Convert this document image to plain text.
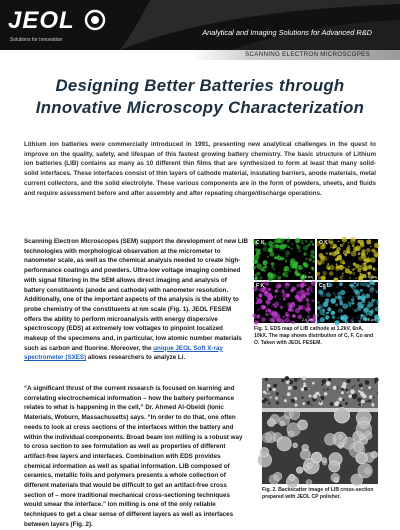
JEOL
Solutions for Innovation
Analytical and Imaging Solutions for Advanced R&D
SCANNING ELECTRON MICROSCOPES
Designing Better Batteries through
Innovative Microscopy Characterization

Lithium ion batteries were commercially introduced in 1991, presenting new analytical challenges in the quest to improve on the quality, safety, and lifespan of this fastest growing battery chemistry. The basic structure of Lithium ion batteries (LIB) contains as many as 10 different thin films that are synthesized to form at least that many solid-solid interfaces. These interfaces consist of thin layers of cathode material, insulating barriers, anode materials, metal current collectors, and the solid electrolyte. These various components are in the form of powders, sheets, and fluids and require assessment before and after assembly and after repeating charge/discharge operations.

Scanning Electron Microscopes (SEM) support the development of new LIB technologies with morphological observation at the micrometer to nanometer scale, as well as the chemical analysis needed to create high-performance coatings and powders. Ultra-low voltage imaging combined with signal filtering in the SEM allows direct imaging and analysis of battery constituents (anode and cathode) with nanometer resolution. Additionally, one of the important aspects of the analysis is the ability to probe chemistry of the constituents at nm scale (Fig. 1). JEOL FESEM offers the ability to perform microanalysis with energy dispersive spectroscopy (EDS) at extremely low voltages to pinpoint localized makeup of the specimens and, in particular, low atomic number materials such as carbon and fluorine. Moreover, the unique JEOL Soft X-ray spectrometer (SXES) allows researchers to analyze Li.

C K
2.5 µm
O K
2.5 µm
F K
2.5 µm
Co L
2.5 µm

Fig. 1. EDS map of LIB cathode at 1.2kV, 6nA, 10kX. The map shows distribution of C, F, Co and O. Taken with JEOL FESEM.

“A significant thrust of the current research is focused on learning and correlating electrochemical information – how the battery performance relates to what is happening in the cell,” Dr. Ahmed Al-Obeidi (Ionic Materials, Woburn, Massachusetts) says. “In order to do that, one often needs to look at cross sections of the interfaces within the battery and within the individual components. Broad beam ion milling is a robust way to cross section to see formulation as well as properties of different artifact-free layers and interfaces. Combination with EDS provides chemical information as well as spatial information. LIB composed of ceramics, metallic foils and polymers presents a whole collection of different materials that would be difficult to get an artifact-free cross section of – more traditional mechanical cross-sectioning techniques would smear the interface.” Ion milling is one of the only reliable techniques to get a clear sense of different layers as well as interfaces between layers (Fig. 2).

Fig. 2. Backscatter image of LIB cross-section prepared with JEOL CP polisher.
